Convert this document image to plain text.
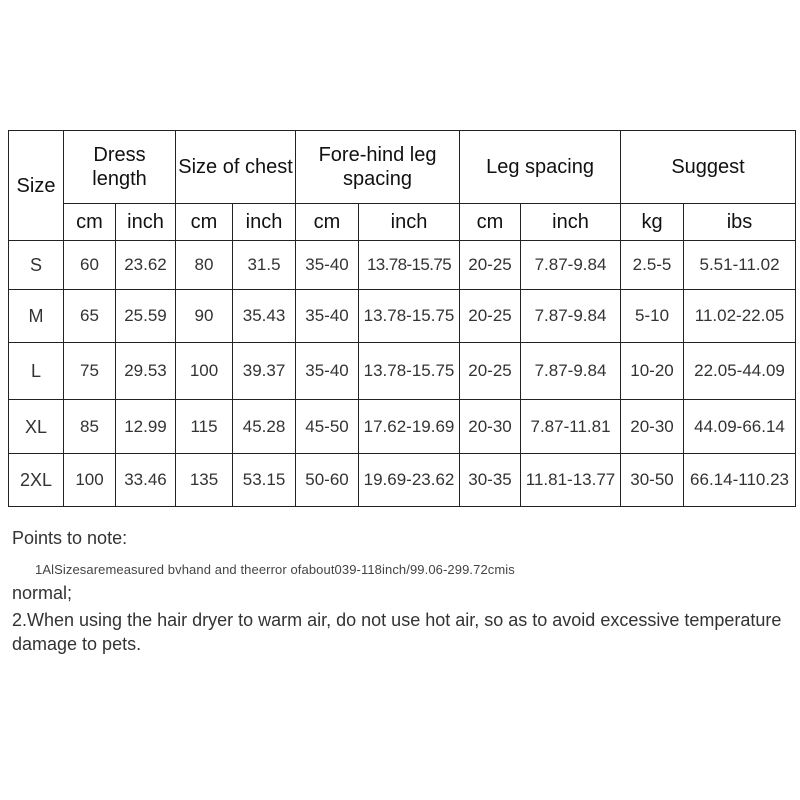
Size	Dress length		Size of chest		Fore-hind leg spacing		Leg spacing		Suggest	
	cm	inch	cm	inch	cm	inch	cm	inch	kg	ibs
S	60	23.62	80	31.5	35-40	13.78-15.75	20-25	7.87-9.84	2.5-5	5.51-11.02
M	65	25.59	90	35.43	35-40	13.78-15.75	20-25	7.87-9.84	5-10	11.02-22.05
L	75	29.53	100	39.37	35-40	13.78-15.75	20-25	7.87-9.84	10-20	22.05-44.09
XL	85	12.99	115	45.28	45-50	17.62-19.69	20-30	7.87-11.81	20-30	44.09-66.14
2XL	100	33.46	135	53.15	50-60	19.69-23.62	30-35	11.81-13.77	30-50	66.14-110.23

Points to note:

1AlSizesaremeasured bvhand and theerror ofabout039-118inch/99.06-299.72cmis

normal;

2.When using the hair dryer to warm air, do not use hot air, so as to avoid excessive temperature damage to pets.
